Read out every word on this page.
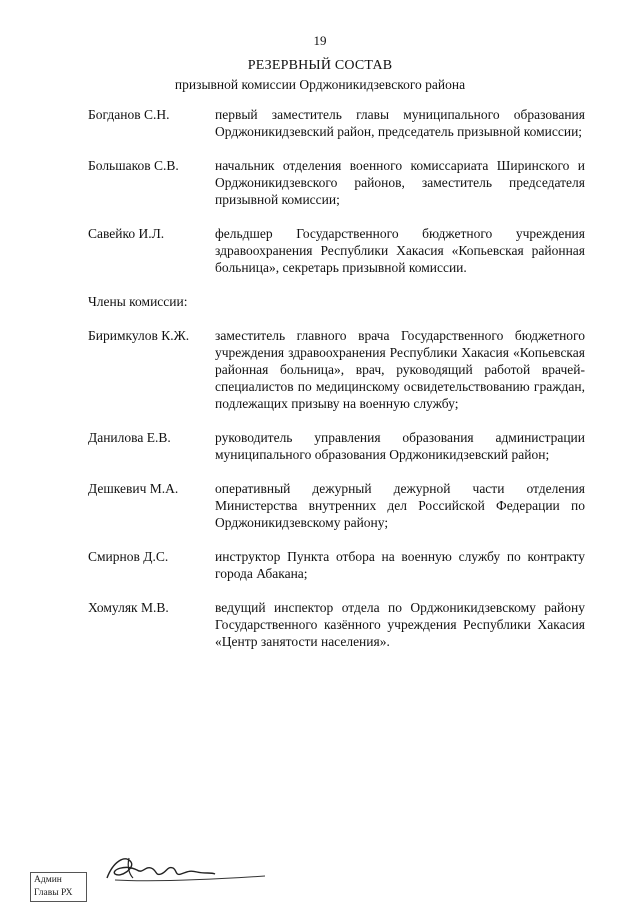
19
РЕЗЕРВНЫЙ СОСТАВ
призывной комиссии Орджоникидзевского района
Богданов С.Н.	первый заместитель главы муниципального образования Орджоникидзевский район, председатель призывной комиссии;
Большаков С.В.	начальник отделения военного комиссариата Ширинского и Орджоникидзевского районов, заместитель председателя призывной комиссии;
Савейко И.Л.	фельдшер Государственного бюджетного учреждения здравоохранения Республики Хакасия «Копьевская районная больница», секретарь призывной комиссии.
Члены комиссии:
Биримкулов К.Ж.	заместитель главного врача Государственного бюджетного учреждения здравоохранения Республики Хакасия «Копьевская районная больница», врач, руководящий работой врачей-специалистов по медицинскому освидетельствованию граждан, подлежащих призыву на военную службу;
Данилова Е.В.	руководитель управления образования администрации муниципального образования Орджоникидзевский район;
Дешкевич М.А.	оперативный дежурный дежурной части отделения Министерства внутренних дел Российской Федерации по Орджоникидзевскому району;
Смирнов Д.С.	инструктор Пункта отбора на военную службу по контракту города Абакана;
Хомуляк М.В.	ведущий инспектор отдела по Орджоникидзевскому району Государственного казённого учреждения Республики Хакасия «Центр занятости населения».
Админ
Главы РХ
